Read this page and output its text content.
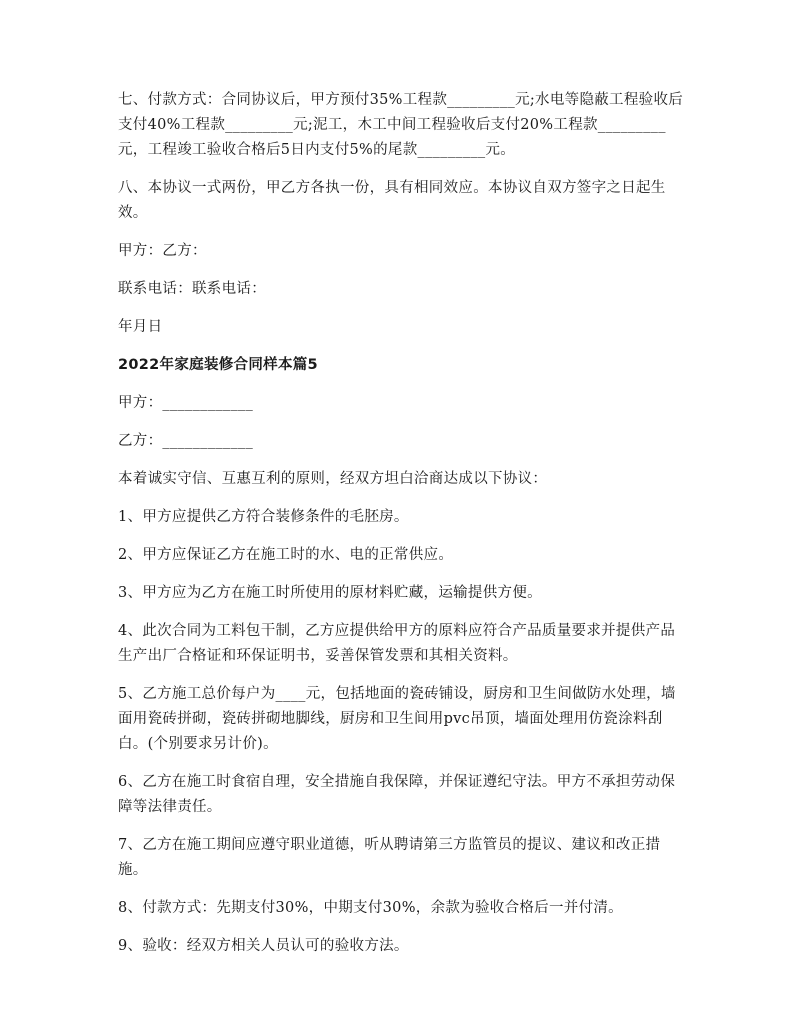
七、付款方式：合同协议后，甲方预付35%工程款_________元;水电等隐蔽工程验收后支付40%工程款_________元;泥工，木工中间工程验收后支付20%工程款_________元，工程竣工验收合格后5日内支付5%的尾款_________元。

八、本协议一式两份，甲乙方各执一份，具有相同效应。本协议自双方签字之日起生效。

甲方：乙方：

联系电话：联系电话：

年月日

2022年家庭装修合同样本篇5

甲方：____________

乙方：____________

本着诚实守信、互惠互利的原则，经双方坦白洽商达成以下协议：

1、甲方应提供乙方符合装修条件的毛胚房。

2、甲方应保证乙方在施工时的水、电的正常供应。

3、甲方应为乙方在施工时所使用的原材料贮藏，运输提供方便。

4、此次合同为工料包干制，乙方应提供给甲方的原料应符合产品质量要求并提供产品生产出厂合格证和环保证明书，妥善保管发票和其相关资料。

5、乙方施工总价每户为____元，包括地面的瓷砖铺设，厨房和卫生间做防水处理，墙面用瓷砖拼砌，瓷砖拼砌地脚线，厨房和卫生间用pvc吊顶，墙面处理用仿瓷涂料刮白。(个别要求另计价)。

6、乙方在施工时食宿自理，安全措施自我保障，并保证遵纪守法。甲方不承担劳动保障等法律责任。

7、乙方在施工期间应遵守职业道德，听从聘请第三方监管员的提议、建议和改正措施。

8、付款方式：先期支付30%，中期支付30%，余款为验收合格后一并付清。

9、验收：经双方相关人员认可的验收方法。
